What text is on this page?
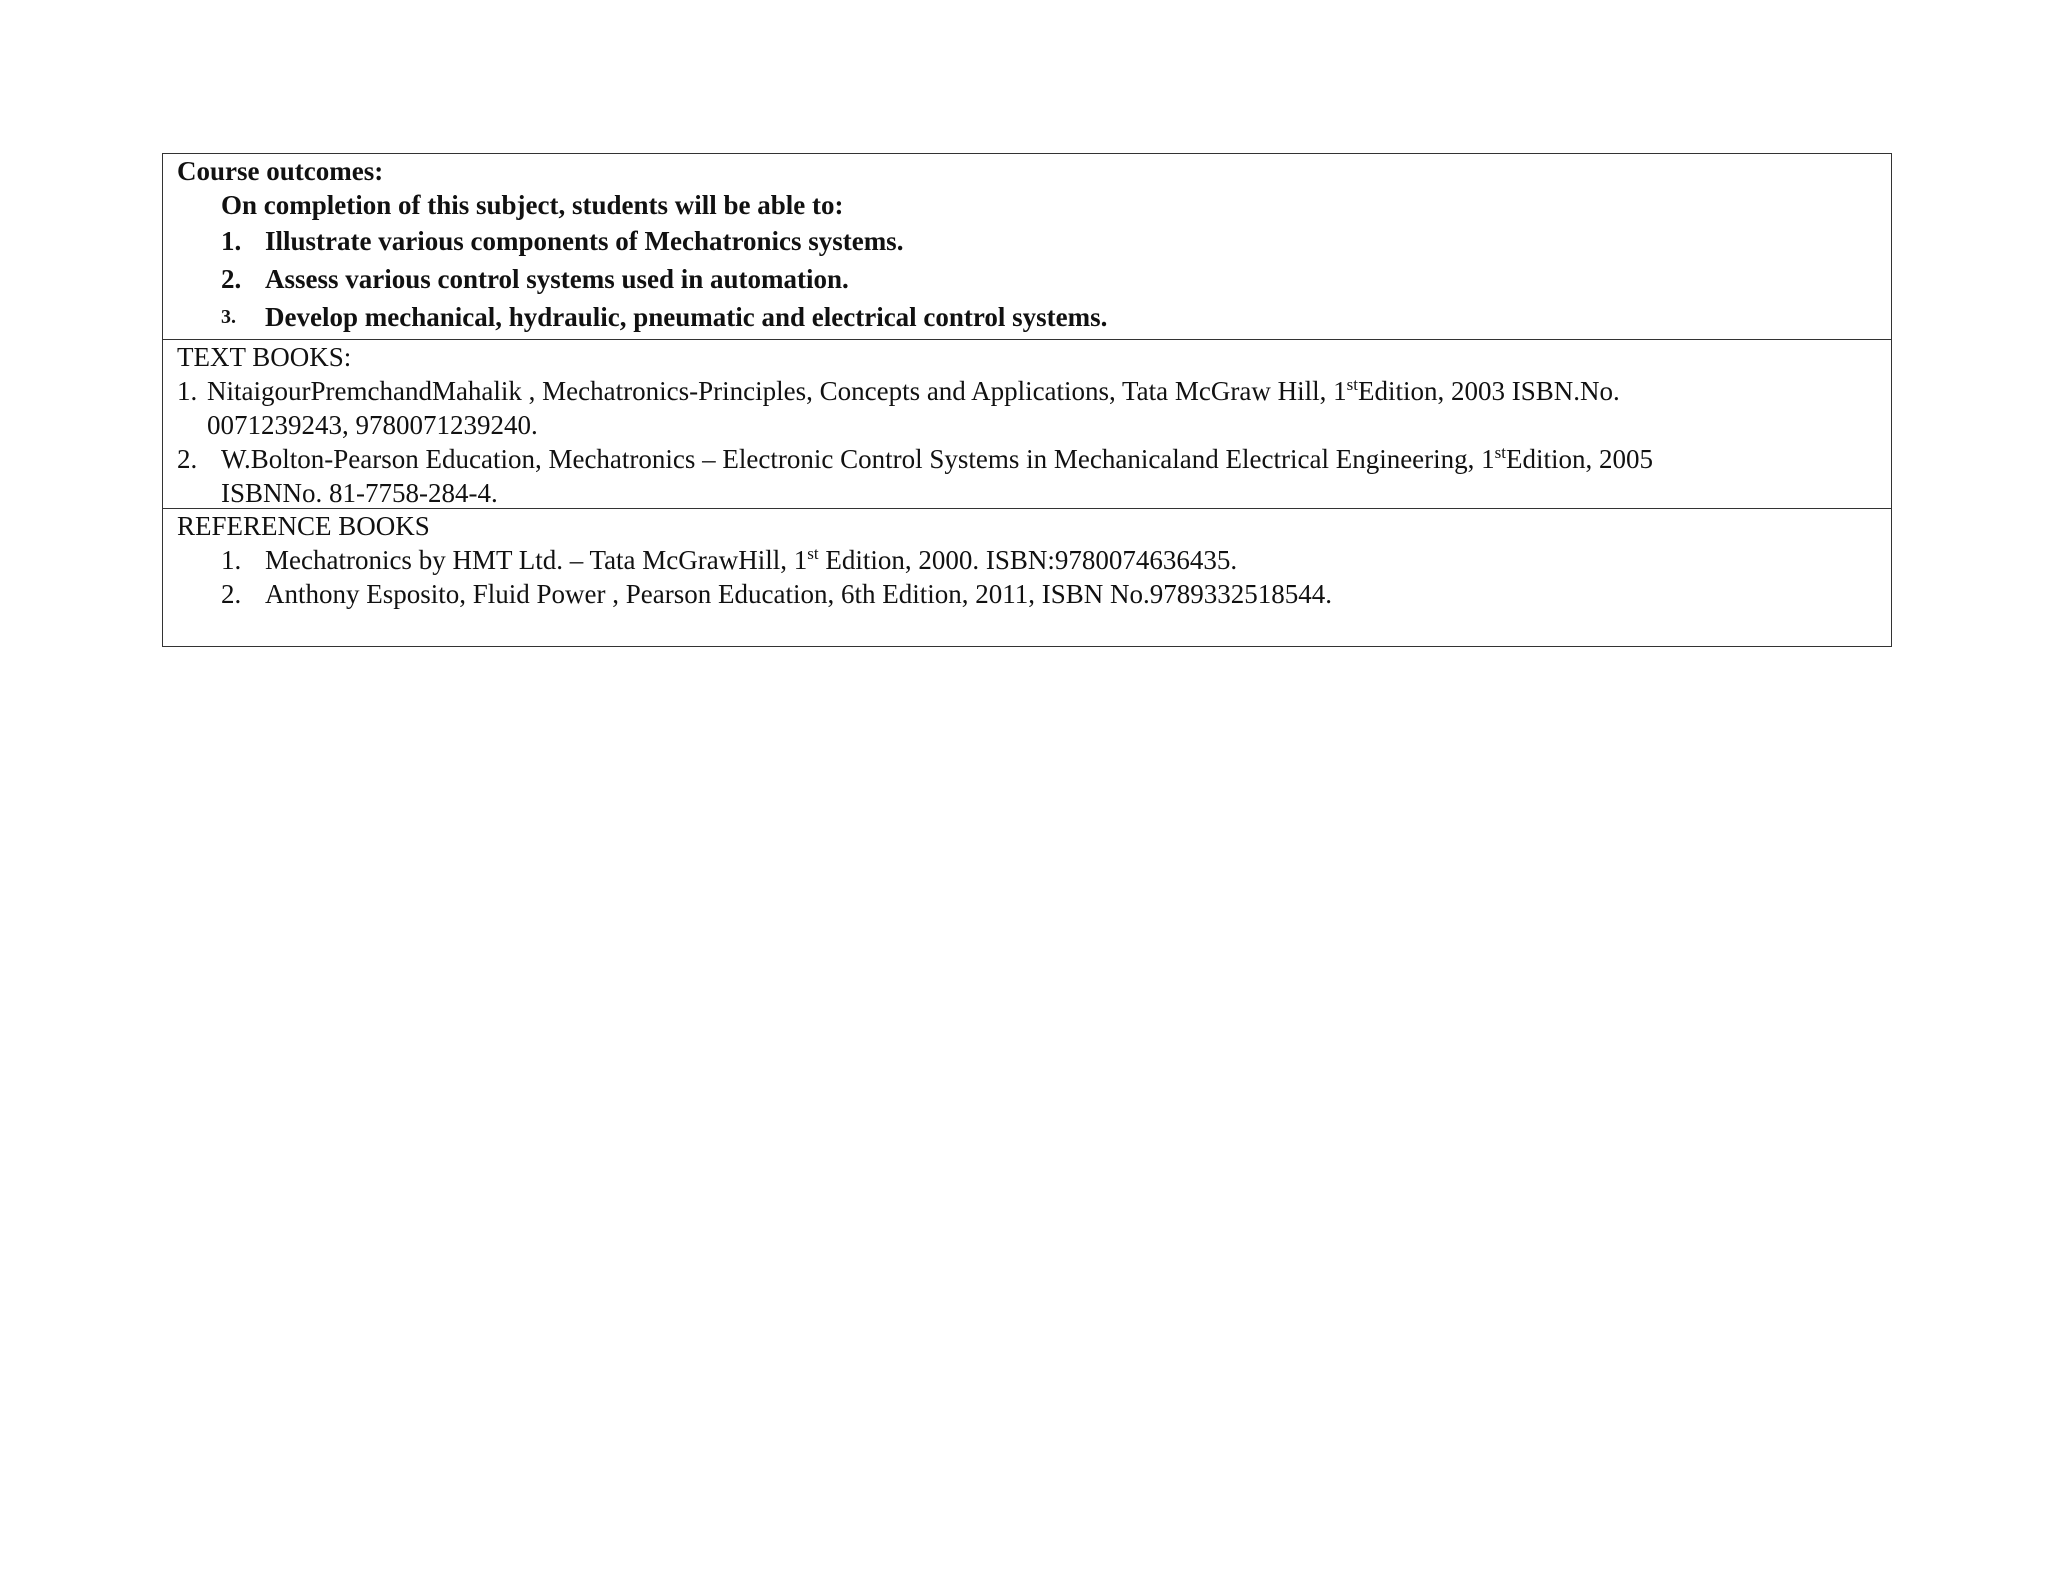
Course outcomes:
On completion of this subject, students will be able to:
1. Illustrate various components of Mechatronics systems.
2. Assess various control systems used in automation.
3.	Develop mechanical, hydraulic, pneumatic and electrical control systems.
TEXT BOOKS:
1. NitaigourPremchandMahalik , Mechatronics-Principles, Concepts and Applications, Tata McGraw Hill, 1stEdition, 2003 ISBN.No.
0071239243, 9780071239240.
2. W.Bolton-Pearson Education, Mechatronics – Electronic Control Systems in Mechanicaland Electrical Engineering, 1stEdition, 2005
ISBNNo. 81-7758-284-4.
REFERENCE BOOKS
1. Mechatronics by HMT Ltd. – Tata McGrawHill, 1st Edition, 2000. ISBN:9780074636435.
2. Anthony Esposito, Fluid Power , Pearson Education, 6th Edition, 2011, ISBN No.9789332518544.
